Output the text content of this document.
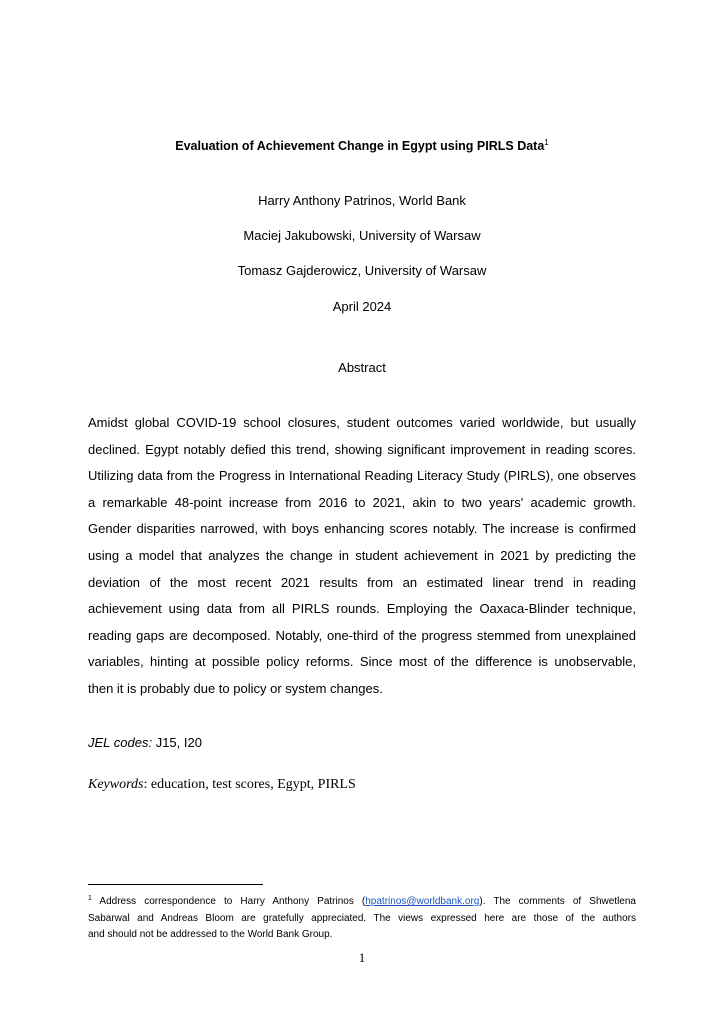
Evaluation of Achievement Change in Egypt using PIRLS Data$^1$
Harry Anthony Patrinos, World Bank
Maciej Jakubowski, University of Warsaw
Tomasz Gajderowicz, University of Warsaw
April 2024
Abstract
Amidst global COVID-19 school closures, student outcomes varied worldwide, but usually
declined. Egypt notably defied this trend, showing significant improvement in reading scores.
Utilizing data from the Progress in International Reading Literacy Study (PIRLS), one observes
a remarkable 48-point increase from 2016 to 2021, akin to two years' academic growth.
Gender disparities narrowed, with boys enhancing scores notably. The increase is confirmed
using a model that analyzes the change in student achievement in 2021 by predicting the
deviation of the most recent 2021 results from an estimated linear trend in reading
achievement using data from all PIRLS rounds. Employing the Oaxaca-Blinder technique,
reading gaps are decomposed. Notably, one-third of the progress stemmed from unexplained
variables, hinting at possible policy reforms. Since most of the difference is unobservable,
then it is probably due to policy or system changes.
JEL codes: J15, I20
Keywords: education, test scores, Egypt, PIRLS
$^1$ Address correspondence to Harry Anthony Patrinos (hpatrinos@worldbank.org). The comments of Shwetlena
Sabarwal and Andreas Bloom are gratefully appreciated. The views expressed here are those of the authors
and should not be addressed to the World Bank Group.
1
